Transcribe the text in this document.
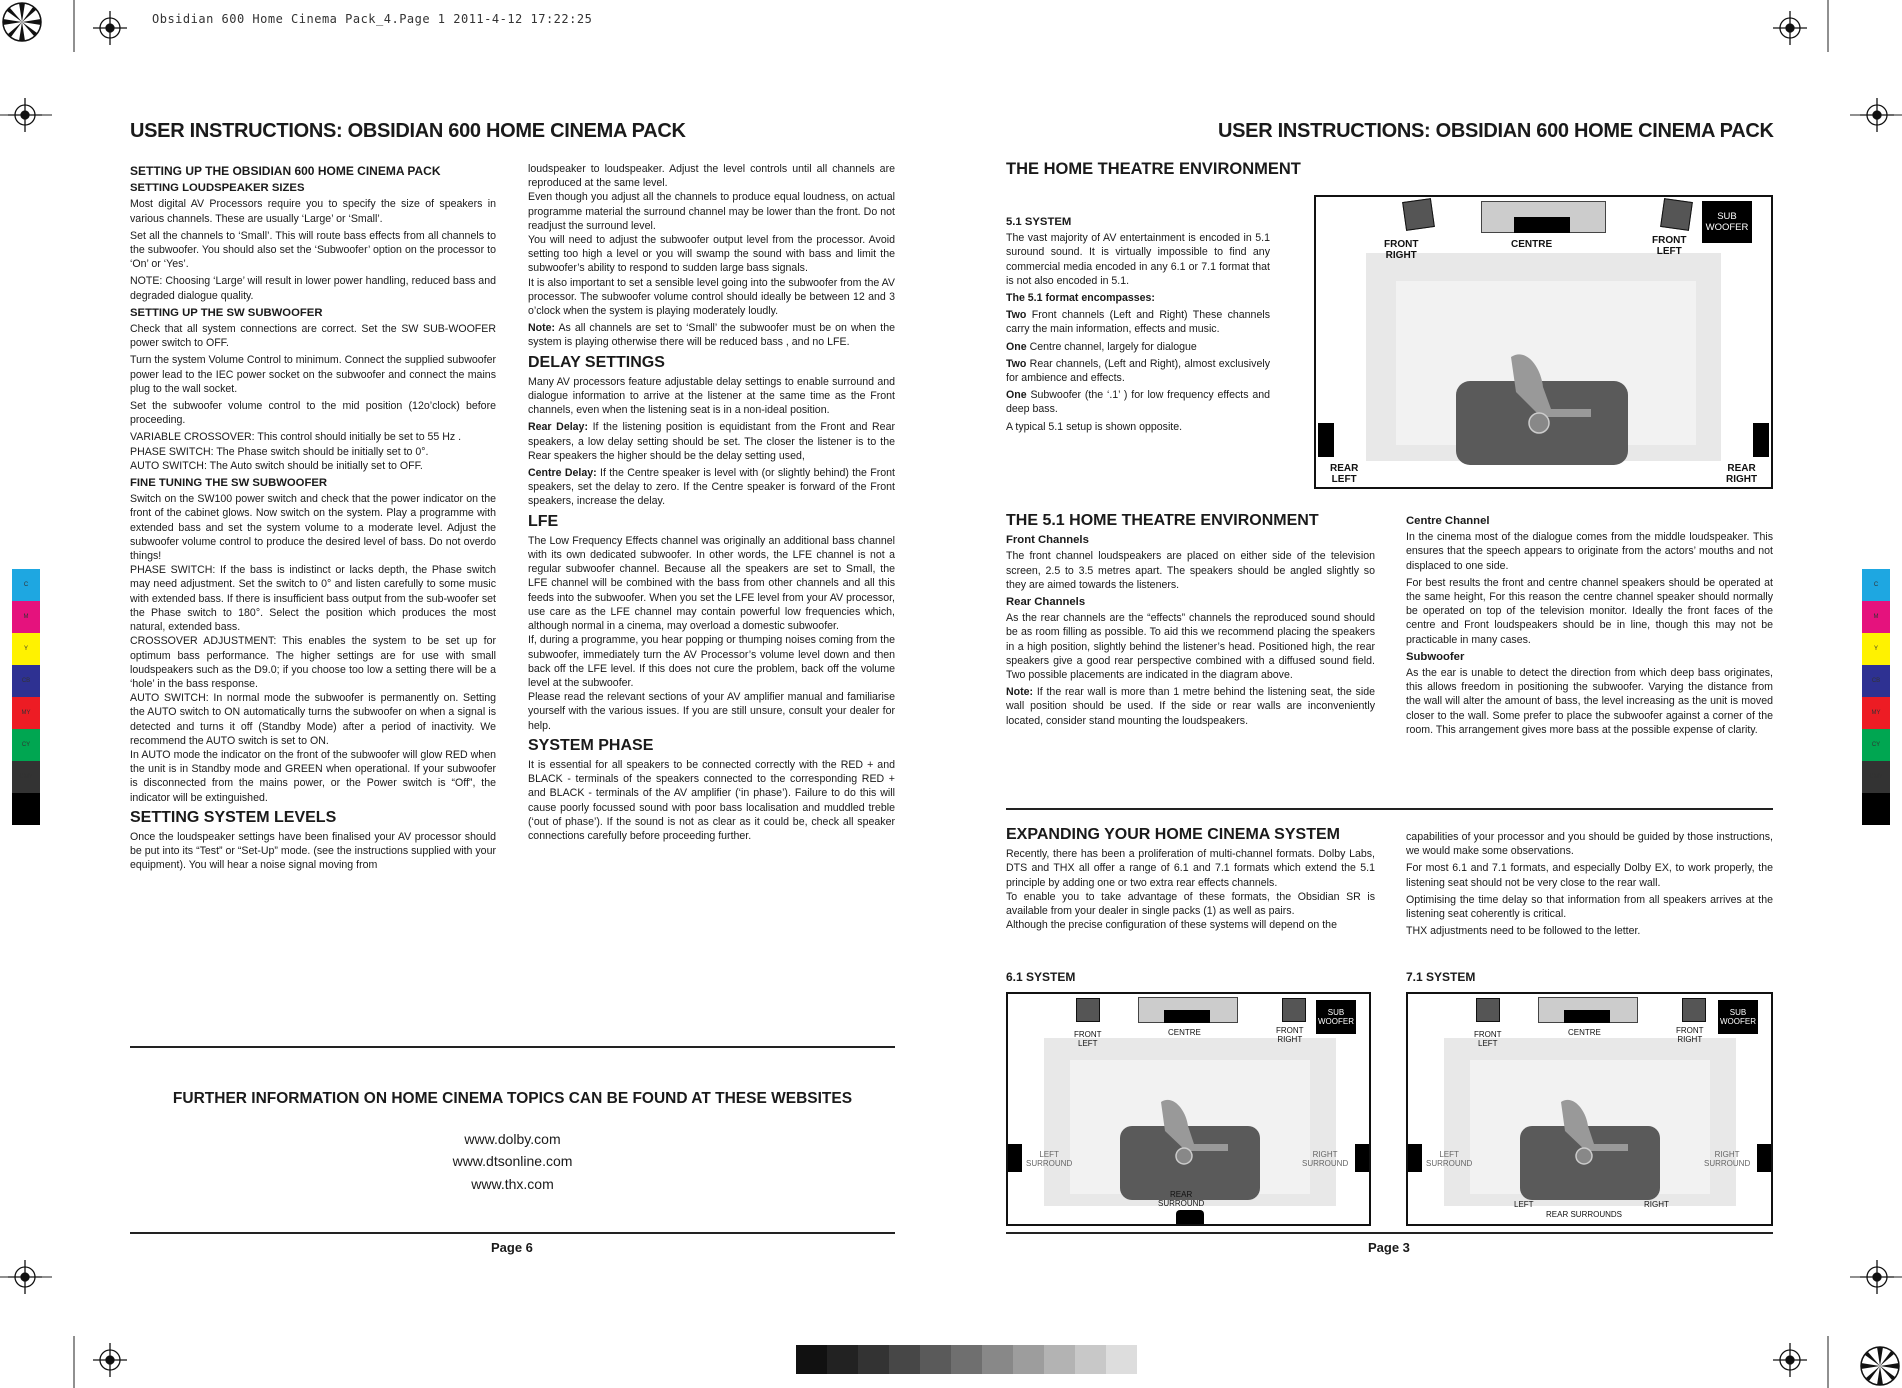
Obsidian 600 Home Cinema Pack_4.Page 1 2011-4-12 17:22:25
C
M
Y
CB
MY
CY
CMY
C
M
Y
CB
MY
CY
CMY
USER INSTRUCTIONS: OBSIDIAN 600 HOME CINEMA PACK
SETTING UP THE OBSIDIAN 600 HOME CINEMA PACK
SETTING LOUDSPEAKER SIZES

Most digital AV Processors require you to specify the size of speakers in various channels. These are usually ‘Large’ or ‘Small’.

Set all the channels to ‘Small’. This will route bass effects from all channels to the subwoofer. You should also set the ‘Subwoofer’ option on the processor to ‘On’ or ‘Yes’.

NOTE: Choosing ‘Large’ will result in lower power handling, reduced bass and degraded dialogue quality.

SETTING UP THE SW SUBWOOFER

Check that all system connections are correct. Set the SW SUB-WOOFER power switch to OFF.

Turn the system Volume Control to minimum. Connect the supplied subwoofer power lead to the IEC power socket on the subwoofer and connect the mains plug to the wall socket.

Set the subwoofer volume control to the mid position (12o’clock) before proceeding.

VARIABLE CROSSOVER: This control should initially be set to 55 Hz .

PHASE SWITCH: The Phase switch should be initially set to 0°.

AUTO SWITCH: The Auto switch should be initially set to OFF.

FINE TUNING THE SW SUBWOOFER

Switch on the SW100 power switch and check that the power indicator on the front of the cabinet glows. Now switch on the system. Play a programme with extended bass and set the system volume to a moderate level. Adjust the subwoofer volume control to produce the desired level of bass. Do not overdo things!

PHASE SWITCH: If the bass is indistinct or lacks depth, the Phase switch may need adjustment. Set the switch to 0° and listen carefully to some music with extended bass. If there is insufficient bass output from the sub-woofer set the Phase switch to 180°. Select the position which produces the most natural, extended bass.

CROSSOVER ADJUSTMENT: This enables the system to be set up for optimum bass performance. The higher settings are for use with small loudspeakers such as the D9.0; if you choose too low a setting there will be a ‘hole’ in the bass response.

AUTO SWITCH: In normal mode the subwoofer is permanently on. Setting the AUTO switch to ON automatically turns the subwoofer on when a signal is detected and turns it off (Standby Mode) after a period of inactivity. We recommend the AUTO switch is set to ON.

In AUTO mode the indicator on the front of the subwoofer will glow RED when the unit is in Standby mode and GREEN when operational. If your subwoofer is disconnected from the mains power, or the Power switch is “Off”, the indicator will be extinguished.

SETTING SYSTEM LEVELS

Once the loudspeaker settings have been finalised your AV processor should be put into its “Test” or “Set-Up” mode. (see the instructions supplied with your equipment). You will hear a noise signal moving from

loudspeaker to loudspeaker. Adjust the level controls until all channels are reproduced at the same level.

Even though you adjust all the channels to produce equal loudness, on actual programme material the surround channel may be lower than the front. Do not readjust the surround level.

You will need to adjust the subwoofer output level from the processor. Avoid setting too high a level or you will swamp the sound with bass and limit the subwoofer’s ability to respond to sudden large bass signals.

It is also important to set a sensible level going into the subwoofer from the AV processor. The subwoofer volume control should ideally be between 12 and 3 o’clock when the system is playing moderately loudly.

Note: As all channels are set to ‘Small’ the subwoofer must be on when the system is playing otherwise there will be reduced bass , and no LFE.

DELAY SETTINGS

Many AV processors feature adjustable delay settings to enable surround and dialogue information to arrive at the listener at the same time as the Front channels, even when the listening seat is in a non-ideal position.

Rear Delay: If the listening position is equidistant from the Front and Rear speakers, a low delay setting should be set. The closer the listener is to the Rear speakers the higher should be the delay setting used,

Centre Delay: If the Centre speaker is level with (or slightly behind) the Front speakers, set the delay to zero. If the Centre speaker is forward of the Front speakers, increase the delay.

LFE

The Low Frequency Effects channel was originally an additional bass channel with its own dedicated subwoofer. In other words, the LFE channel is not a regular subwoofer channel. Because all the speakers are set to Small, the LFE channel will be combined with the bass from other channels and all this feeds into the subwoofer. When you set the LFE level from your AV processor, use care as the LFE channel may contain powerful low frequencies which, although normal in a cinema, may overload a domestic subwoofer.

If, during a programme, you hear popping or thumping noises coming from the subwoofer, immediately turn the AV Processor’s volume level down and then back off the LFE level. If this does not cure the problem, back off the volume level at the subwoofer.

Please read the relevant sections of your AV amplifier manual and familiarise yourself with the various issues. If you are still unsure, consult your dealer for help.

SYSTEM PHASE

It is essential for all speakers to be connected correctly with the RED + and BLACK - terminals of the speakers connected to the corresponding RED + and BLACK - terminals of the AV amplifier (‘in phase’). Failure to do this will cause poorly focussed sound with poor bass localisation and muddled treble (‘out of phase’). If the sound is not as clear as it could be, check all speaker connections carefully before proceeding further.

FURTHER INFORMATION ON HOME CINEMA TOPICS CAN BE FOUND AT THESE WEBSITES
www.dolby.com
www.dtsonline.com
www.thx.com
Page 6
USER INSTRUCTIONS: OBSIDIAN 600 HOME CINEMA PACK
THE HOME THEATRE ENVIRONMENT
5.1 SYSTEM

The vast majority of AV entertainment is encoded in 5.1 suround sound. It is virtually impossible to find any commercial media encoded in any 6.1 or 7.1 format that is not also encoded in 5.1.

The 5.1 format encompasses:

Two Front channels (Left and Right) These channels carry the main information, effects and music.

One Centre channel, largely for dialogue

Two Rear channels, (Left and Right), almost exclusively for ambience and effects.

One Subwoofer (the ‘.1’ ) for low frequency effects and deep bass.

A typical 5.1 setup is shown opposite.

SUB
WOOFER
FRONT
RIGHT
CENTRE	FRONT
LEFT
REAR
LEFT
REAR
RIGHT
THE 5.1 HOME THEATRE ENVIRONMENT
Front Channels

The front channel loudspeakers are placed on either side of the television screen, 2.5 to 3.5 metres apart. The speakers should be angled slightly so they are aimed towards the listeners.

Rear Channels

As the rear channels are the “effects” channels the reproduced sound should be as room filling as possible. To aid this we recommend placing the speakers in a high position, slightly behind the listener’s head. Positioned high, the rear speakers give a good rear perspective combined with a diffused sound field. Two possible placements are indicated in the diagram above.

Note: If the rear wall is more than 1 metre behind the listening seat, the side wall position should be used. If the side or rear walls are inconveniently located, consider stand mounting the loudspeakers.

Centre Channel

In the cinema most of the dialogue comes from the middle loudspeaker. This ensures that the speech appears to originate from the actors’ mouths and not displaced to one side.

For best results the front and centre channel speakers should be operated at the same height, For this reason the centre channel speaker should normally be operated on top of the television monitor. Ideally the front faces of the centre and Front loudspeakers should be in line, though this may not be practicable in many cases.

Subwoofer

As the ear is unable to detect the direction from which deep bass originates, this allows freedom in positioning the subwoofer. Varying the distance from the wall will alter the amount of bass, the level increasing as the unit is moved closer to the wall. Some prefer to place the subwoofer against a corner of the room. This arrangement gives more bass at the possible expense of clarity.

EXPANDING YOUR HOME CINEMA SYSTEM

Recently, there has been a proliferation of multi-channel formats. Dolby Labs, DTS and THX all offer a range of 6.1 and 7.1 formats which extend the 5.1 principle by adding one or two extra rear effects channels.

To enable you to take advantage of these formats, the Obsidian SR is available from your dealer in single packs (1) as well as pairs.

Although the precise configuration of these systems will depend on the

capabilities of your processor and you should be guided by those instructions, we would make some observations.

For most 6.1 and 7.1 formats, and especially Dolby EX, to work properly, the listening seat should not be very close to the rear wall.

Optimising the time delay so that information from all speakers arrives at the listening seat coherently is critical.

THX adjustments need to be followed to the letter.

6.1 SYSTEM	7.1 SYSTEM
SUB
WOOFER
FRONT
LEFT
CENTRE	FRONT
RIGHT
LEFT
SURROUND
RIGHT
SURROUND
REAR
SURROUND
SUB
WOOFER
FRONT
LEFT
CENTRE	FRONT
RIGHT
LEFT
SURROUND
RIGHT
SURROUND
LEFT	RIGHT
REAR SURROUNDS
Page 3
